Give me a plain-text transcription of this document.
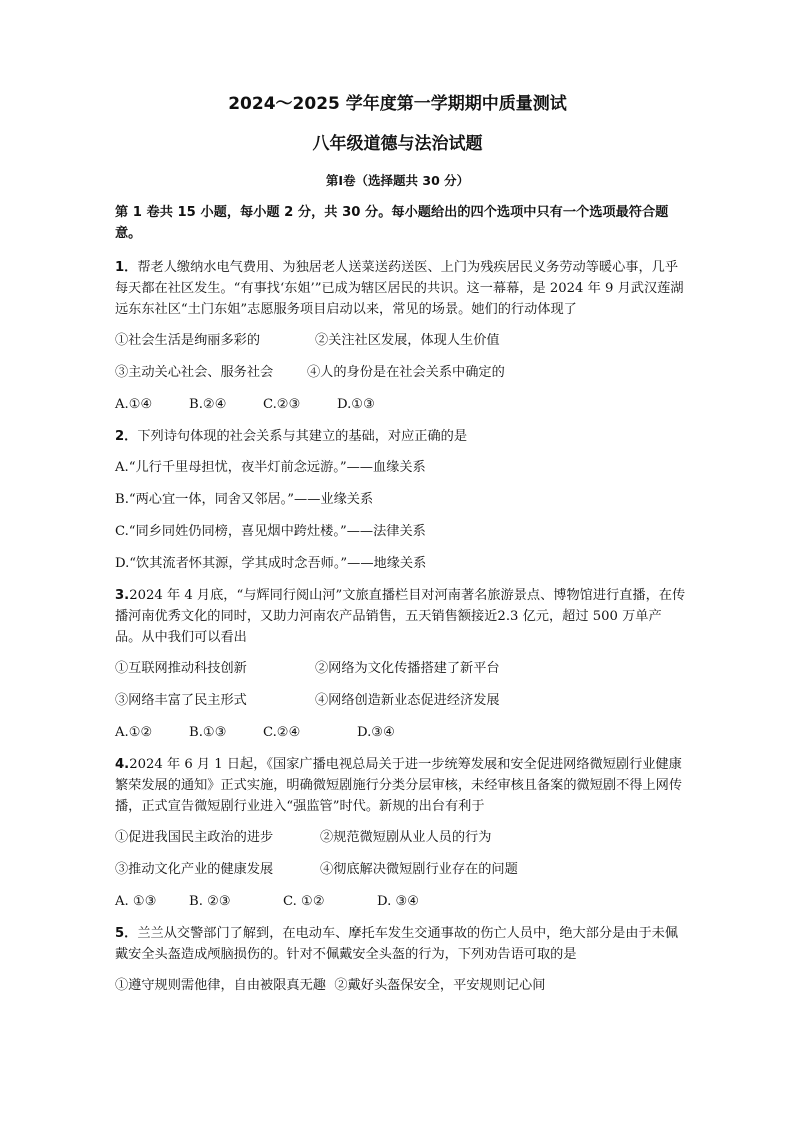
2024～2025 学年度第一学期期中质量测试
八年级道德与法治试题
第Ⅰ卷（选择题共 30 分）

第 1 卷共 15 小题，每小题 2 分，共 30 分。每小题给出的四个选项中只有一个选项最符合题意。

1．帮老人缴纳水电气费用、为独居老人送菜送药送医、上门为残疾居民义务劳动等暖心事，几乎每天都在社区发生。“有事找‘东姐’”已成为辖区居民的共识。这一幕幕，是 2024 年 9 月武汉莲湖远东东社区“土门东姐”志愿服务项目启动以来，常见的场景。她们的行动体现了

①社会生活是绚丽多彩的	②关注社区发展，体现人生价值
③主动关心社会、服务社会	④人的身份是在社会关系中确定的
A.①④	B.②④	C.②③	D.①③

2．下列诗句体现的社会关系与其建立的基础，对应正确的是

A.“儿行千里母担忧，夜半灯前念远游。”——血缘关系
B.“两心宜一体，同舍又邻居。”——业缘关系
C.“同乡同姓仍同榜，喜见烟中跨灶楼。”——法律关系
D.“饮其流者怀其源，学其成时念吾师。”——地缘关系

3.2024 年 4 月底，“与辉同行阅山河”文旅直播栏目对河南著名旅游景点、博物馆进行直播，在传播河南优秀文化的同时，又助力河南农产品销售，五天销售额接近2.3 亿元，超过 500 万单产品。从中我们可以看出

①互联网推动科技创新	②网络为文化传播搭建了新平台
③网络丰富了民主形式	④网络创造新业态促进经济发展
A.①②	B.①③	C.②④	D.③④

4.2024 年 6 月 1 日起，《国家广播电视总局关于进一步统筹发展和安全促进网络微短剧行业健康繁荣发展的通知》正式实施，明确微短剧施行分类分层审核，未经审核且备案的微短剧不得上网传播，正式宣告微短剧行业进入“强监管”时代。新规的出台有利于

①促进我国民主政治的进步	②规范微短剧从业人员的行为
③推动文化产业的健康发展	④彻底解决微短剧行业存在的问题
A. ①③ B. ②③	C. ①②	D. ③④

5．兰兰从交警部门了解到，在电动车、摩托车发生交通事故的伤亡人员中，绝大部分是由于未佩戴安全头盔造成颅脑损伤的。针对不佩戴安全头盔的行为，下列劝告语可取的是

①遵守规则需他律，自由被限真无趣 ②戴好头盔保安全，平安规则记心间
